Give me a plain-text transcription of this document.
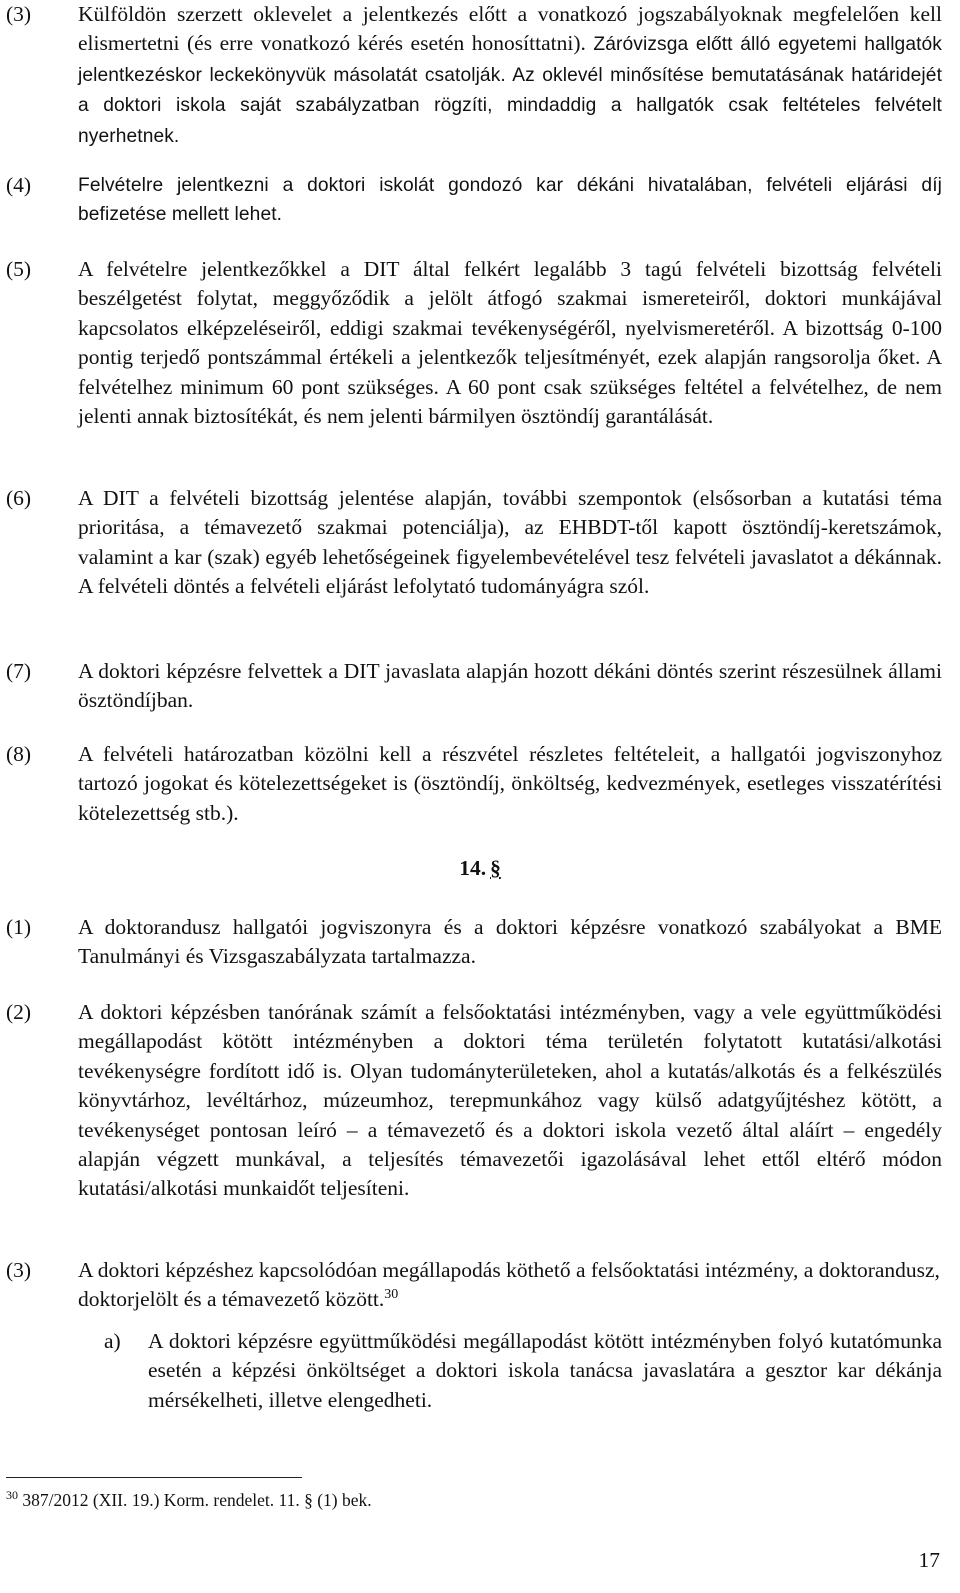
(3)	Külföldön szerzett oklevelet a jelentkezés előtt a vonatkozó jogszabályoknak megfelelően kell elismertetni (és erre vonatkozó kérés esetén honosíttatni). Záróvizsga előtt álló egyetemi hallgatók jelentkezéskor leckekönyvük másolatát csatolják. Az oklevél minősítése bemutatásának határidejét a doktori iskola saját szabályzatban rögzíti, mindaddig a hallgatók csak feltételes felvételt nyerhetnek.
(4)	Felvételre jelentkezni a doktori iskolát gondozó kar dékáni hivatalában, felvételi eljárási díj befizetése mellett lehet.
(5)	A felvételre jelentkezőkkel a DIT által felkért legalább 3 tagú felvételi bizottság felvételi beszélgetést folytat, meggyőződik a jelölt átfogó szakmai ismereteiről, doktori munkájával kapcsolatos elképzeléseiről, eddigi szakmai tevékenységéről, nyelvismeretéről. A bizottság 0-100 pontig terjedő pontszámmal értékeli a jelentkezők teljesítményét, ezek alapján rangsorolja őket. A felvételhez minimum 60 pont szükséges. A 60 pont csak szükséges feltétel a felvételhez, de nem jelenti annak biztosítékát, és nem jelenti bármilyen ösztöndíj garantálását.
(6)	A DIT a felvételi bizottság jelentése alapján, további szempontok (elsősorban a kutatási téma prioritása, a témavezető szakmai potenciálja), az EHBDT-től kapott ösztöndíj-keretszámok, valamint a kar (szak) egyéb lehetőségeinek figyelembevételével tesz felvételi javaslatot a dékánnak. A felvételi döntés a felvételi eljárást lefolytató tudományágra szól.
(7)	A doktori képzésre felvettek a DIT javaslata alapján hozott dékáni döntés szerint részesülnek állami ösztöndíjban.
(8)	A felvételi határozatban közölni kell a részvétel részletes feltételeit, a hallgatói jogviszonyhoz tartozó jogokat és kötelezettségeket is (ösztöndíj, önköltség, kedvezmények, esetleges visszatérítési kötelezettség stb.).
14. §
(1)	A doktorandusz hallgatói jogviszonyra és a doktori képzésre vonatkozó szabályokat a BME Tanulmányi és Vizsgaszabályzata tartalmazza.
(2)	A doktori képzésben tanórának számít a felsőoktatási intézményben, vagy a vele együttműködési megállapodást kötött intézményben a doktori téma területén folytatott kutatási/alkotási tevékenységre fordított idő is. Olyan tudományterületeken, ahol a kutatás/alkotás és a felkészülés könyvtárhoz, levéltárhoz, múzeumhoz, terepmunkához vagy külső adatgyűjtéshez kötött, a tevékenységet pontosan leíró – a témavezető és a doktori iskola vezető által aláírt – engedély alapján végzett munkával, a teljesítés témavezetői igazolásával lehet ettől eltérő módon kutatási/alkotási munkaidőt teljesíteni.
(3)	A doktori képzéshez kapcsolódóan megállapodás köthető a felsőoktatási intézmény, a doktorandusz, doktorjelölt és a témavezető között.$^{30}$
a)	A doktori képzésre együttműködési megállapodást kötött intézményben folyó kutatómunka esetén a képzési önköltséget a doktori iskola tanácsa javaslatára a gesztor kar dékánja mérsékelheti, illetve elengedheti.
$^{30}$ 387/2012 (XII. 19.) Korm. rendelet. 11. § (1) bek.
17
